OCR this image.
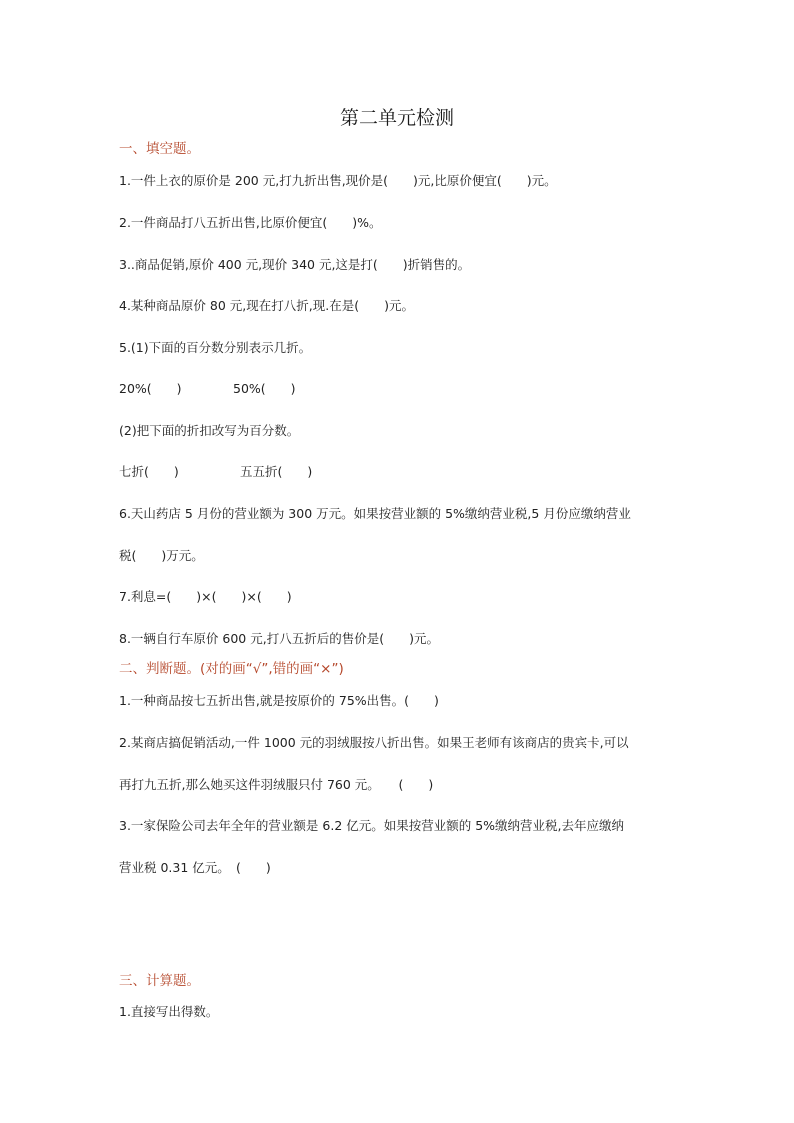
第二单元检测
一、填空题。
1.一件上衣的原价是 200 元,打九折出售,现价是(　　)元,比原价便宜(　　)元。
2.一件商品打八五折出售,比原价便宜(　　)%。
3..商品促销,原价 400 元,现价 340 元,这是打(　　)折销售的。
4.某种商品原价 80 元,现在打八折,现.在是(　　)元。
5.(1)下面的百分数分别表示几折。
20%(　　)	50%(　　)
(2)把下面的折扣改写为百分数。
七折(　　)	五五折(　　)
6.天山药店 5 月份的营业额为 300 万元。如果按营业额的 5%缴纳营业税,5 月份应缴纳营业
税(　　)万元。
7.利息=(　　)×(　　)×(　　)
8.一辆自行车原价 600 元,打八五折后的售价是(　　)元。
二、判断题。(对的画“√”,错的画“×”)
1.一种商品按七五折出售,就是按原价的 75%出售。(　　)
2.某商店搞促销活动,一件 1000 元的羽绒服按八折出售。如果王老师有该商店的贵宾卡,可以
再打九五折,那么她买这件羽绒服只付 760 元。　　(　　)
3.一家保险公司去年全年的营业额是 6.2 亿元。如果按营业额的 5%缴纳营业税,去年应缴纳
营业税 0.31 亿元。　(　　)
三、计算题。
1.直接写出得数。
